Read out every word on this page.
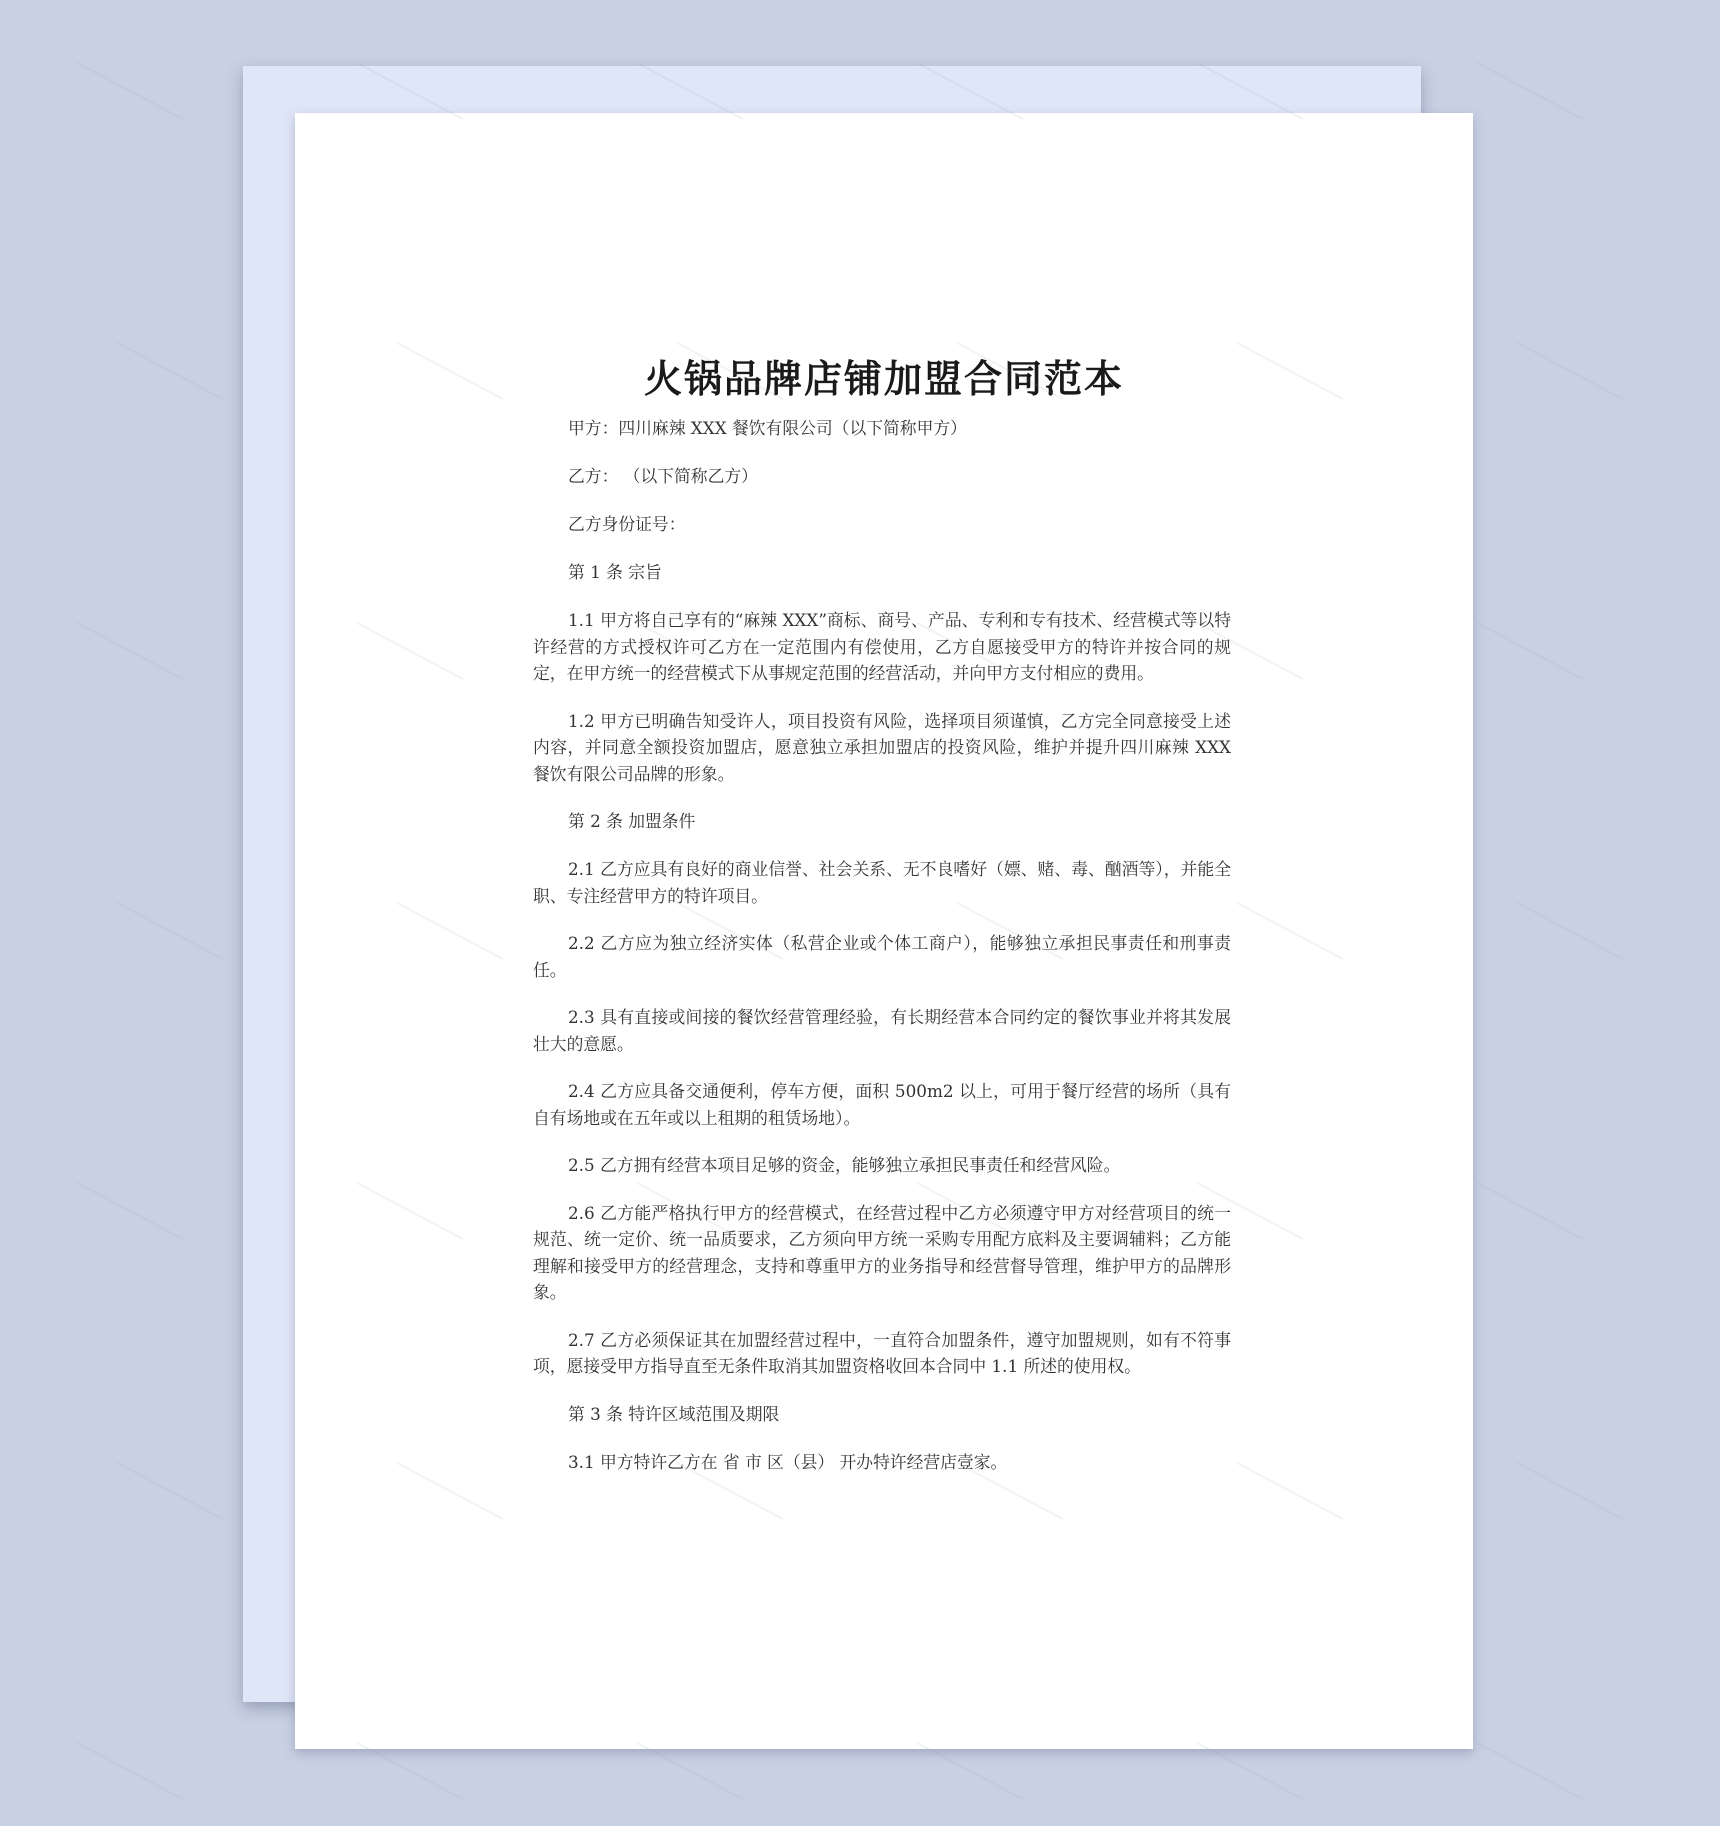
火锅品牌店铺加盟合同范本

甲方：四川麻辣 XXX 餐饮有限公司（以下简称甲方）

乙方： （以下简称乙方）

乙方身份证号：

第 1 条 宗旨

1.1 甲方将自己享有的“麻辣 XXX”商标、商号、产品、专利和专有技术、经营模式等以特许经营的方式授权许可乙方在一定范围内有偿使用，乙方自愿接受甲方的特许并按合同的规定，在甲方统一的经营模式下从事规定范围的经营活动，并向甲方支付相应的费用。

1.2 甲方已明确告知受许人，项目投资有风险，选择项目须谨慎，乙方完全同意接受上述内容，并同意全额投资加盟店，愿意独立承担加盟店的投资风险，维护并提升四川麻辣 XXX 餐饮有限公司品牌的形象。

第 2 条 加盟条件

2.1 乙方应具有良好的商业信誉、社会关系、无不良嗜好（嫖、赌、毒、酗酒等），并能全职、专注经营甲方的特许项目。

2.2 乙方应为独立经济实体（私营企业或个体工商户），能够独立承担民事责任和刑事责任。

2.3 具有直接或间接的餐饮经营管理经验，有长期经营本合同约定的餐饮事业并将其发展壮大的意愿。

2.4 乙方应具备交通便利，停车方便，面积 500m2 以上，可用于餐厅经营的场所（具有自有场地或在五年或以上租期的租赁场地）。

2.5 乙方拥有经营本项目足够的资金，能够独立承担民事责任和经营风险。

2.6 乙方能严格执行甲方的经营模式，在经营过程中乙方必须遵守甲方对经营项目的统一规范、统一定价、统一品质要求，乙方须向甲方统一采购专用配方底料及主要调辅料；乙方能理解和接受甲方的经营理念，支持和尊重甲方的业务指导和经营督导管理，维护甲方的品牌形象。

2.7 乙方必须保证其在加盟经营过程中，一直符合加盟条件，遵守加盟规则，如有不符事项，愿接受甲方指导直至无条件取消其加盟资格收回本合同中 1.1 所述的使用权。

第 3 条 特许区域范围及期限

3.1 甲方特许乙方在 省 市 区（县） 开办特许经营店壹家。
